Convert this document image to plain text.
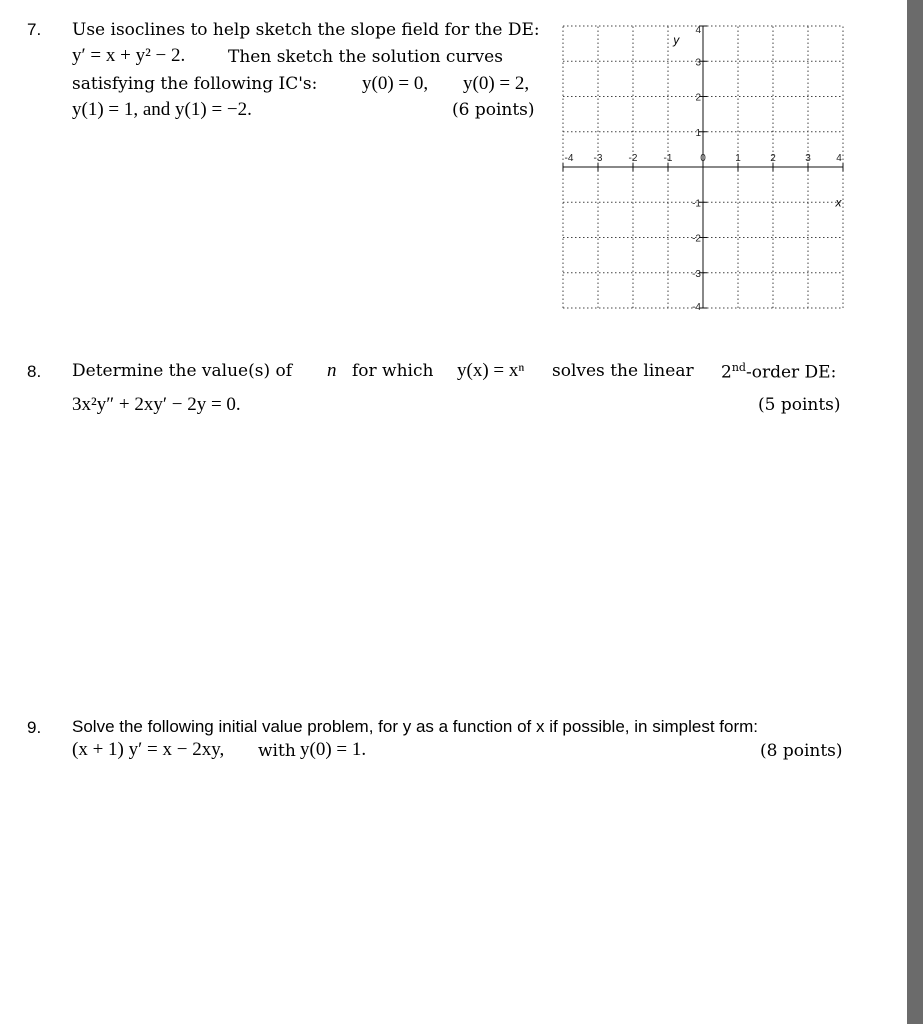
7. Use isoclines to help sketch the slope field for the DE:
y′ = x + y² − 2.	Then sketch the solution curves
satisfying the following IC's: y(0) = 0, y(0) = 2,
y(1) = 1, and y(1) = −2.	(6 points)
-4 -3	-2	-1	0	1	2	3	4
4
3
2
1
-1
-2
-3
-4
x
y
8. Determine the value(s) of n for which y(x) = xⁿ solves the linear 2nd-order DE:
3x²y″ + 2xy′ − 2y = 0.	(5 points)
9. Solve the following initial value problem, for y as a function of x if possible, in simplest form:
(x + 1) y′ = x − 2xy, with y(0) = 1.	(8 points)
